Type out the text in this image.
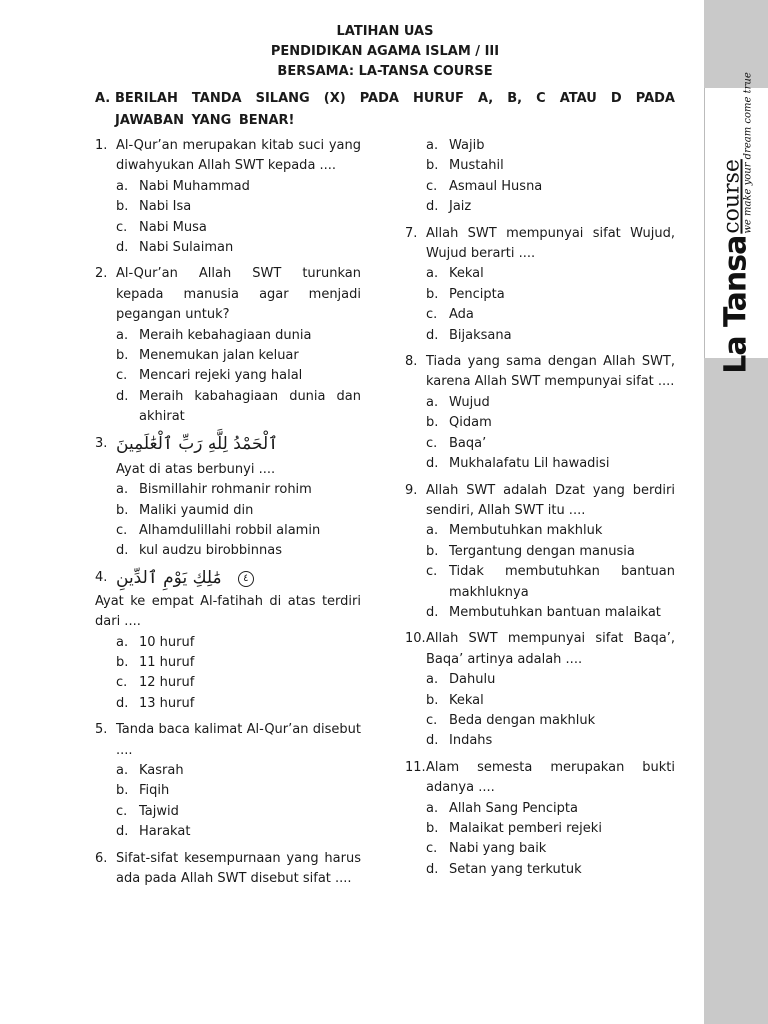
La Tansa
course
we make your dream come true
LATIHAN UAS
PENDIDIKAN AGAMA ISLAM / III
BERSAMA: LA-TANSA COURSE
A. BERILAH TANDA SILANG (X) PADA HURUF A, B, C ATAU D PADA JAWABAN YANG BENAR!
1. Al-Qur’an merupakan kitab suci yang diwahyukan Allah SWT kepada ....
a. Nabi Muhammad
b. Nabi Isa
c. Nabi Musa
d. Nabi Sulaiman
2. Al-Qur’an Allah SWT turunkan kepada manusia agar menjadi pegangan untuk?
a. Meraih kebahagiaan dunia
b. Menemukan jalan keluar
c. Mencari rejeki yang halal
d. Meraih kabahagiaan dunia dan akhirat
3. ٱلْحَمْدُ لِلَّهِ رَبِّ ٱلْعَٰلَمِينَ
Ayat di atas berbunyi ....
a. Bismillahir rohmanir rohim
b. Maliki yaumid din
c. Alhamdulillahi robbil alamin
d. kul audzu birobbinnas
4. مَٰلِكِ يَوْمِ ٱلدِّينِ ٤
Ayat ke empat Al-fatihah di atas terdiri dari ....
a. 10 huruf
b. 11 huruf
c. 12 huruf
d. 13 huruf
5. Tanda baca kalimat Al-Qur’an disebut ....
a. Kasrah
b. Fiqih
c. Tajwid
d. Harakat
6. Sifat-sifat kesempurnaan yang harus ada pada Allah SWT disebut sifat ....
a. Wajib
b. Mustahil
c. Asmaul Husna
d. Jaiz
7. Allah SWT mempunyai sifat Wujud, Wujud berarti ....
a. Kekal
b. Pencipta
c. Ada
d. Bijaksana
8. Tiada yang sama dengan Allah SWT, karena Allah SWT mempunyai sifat ....
a. Wujud
b. Qidam
c. Baqa’
d. Mukhalafatu Lil hawadisi
9. Allah SWT adalah Dzat yang berdiri sendiri, Allah SWT itu ....
a. Membutuhkan makhluk
b. Tergantung dengan manusia
c. Tidak membutuhkan bantuan makhluknya
d. Membutuhkan bantuan malaikat
10. Allah SWT mempunyai sifat Baqa’, Baqa’ artinya adalah ....
a. Dahulu
b. Kekal
c. Beda dengan makhluk
d. Indahs
11. Alam semesta merupakan bukti adanya ....
a. Allah Sang Pencipta
b. Malaikat pemberi rejeki
c. Nabi yang baik
d. Setan yang terkutuk
